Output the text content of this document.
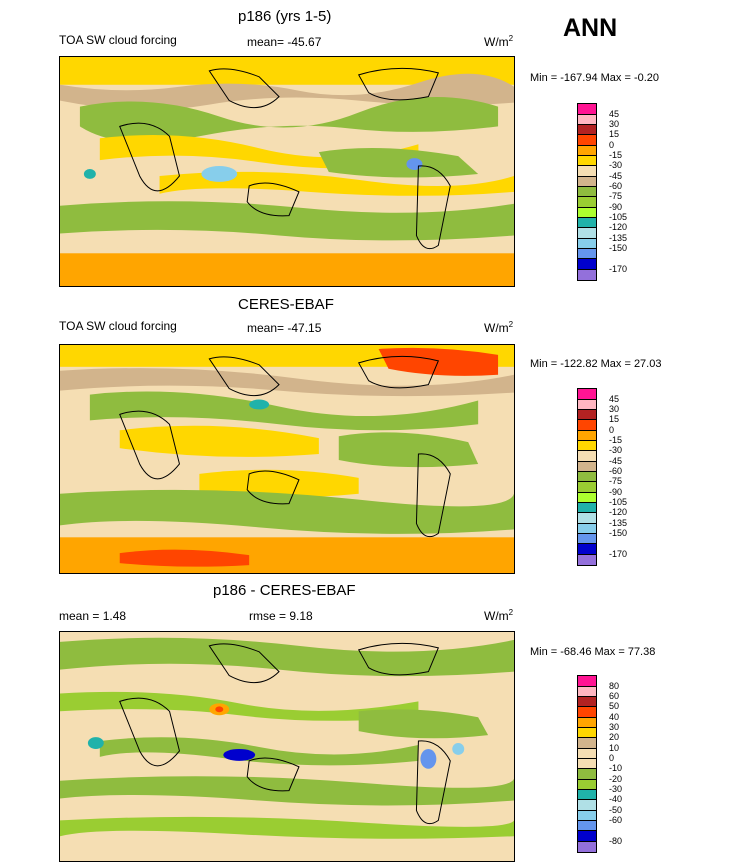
ANN
p186 (yrs 1-5)
TOA SW cloud forcing	mean= -45.67	$W/m^2$
Min = -167.94 Max = -0.20
45
30
15
0
-15
-30
-45
-60
-75
-90
-105
-120
-135
-150
-170
CERES-EBAF
TOA SW cloud forcing	mean= -47.15	$W/m^2$
Min = -122.82 Max = 27.03
45
30
15
0
-15
-30
-45
-60
-75
-90
-105
-120
-135
-150
-170
p186 - CERES-EBAF
mean = 1.48	rmse = 9.18	$W/m^2$
Min = -68.46 Max = 77.38
80
60
50
40
30
20
10
0
-10
-20
-30
-40
-50
-60
-80
